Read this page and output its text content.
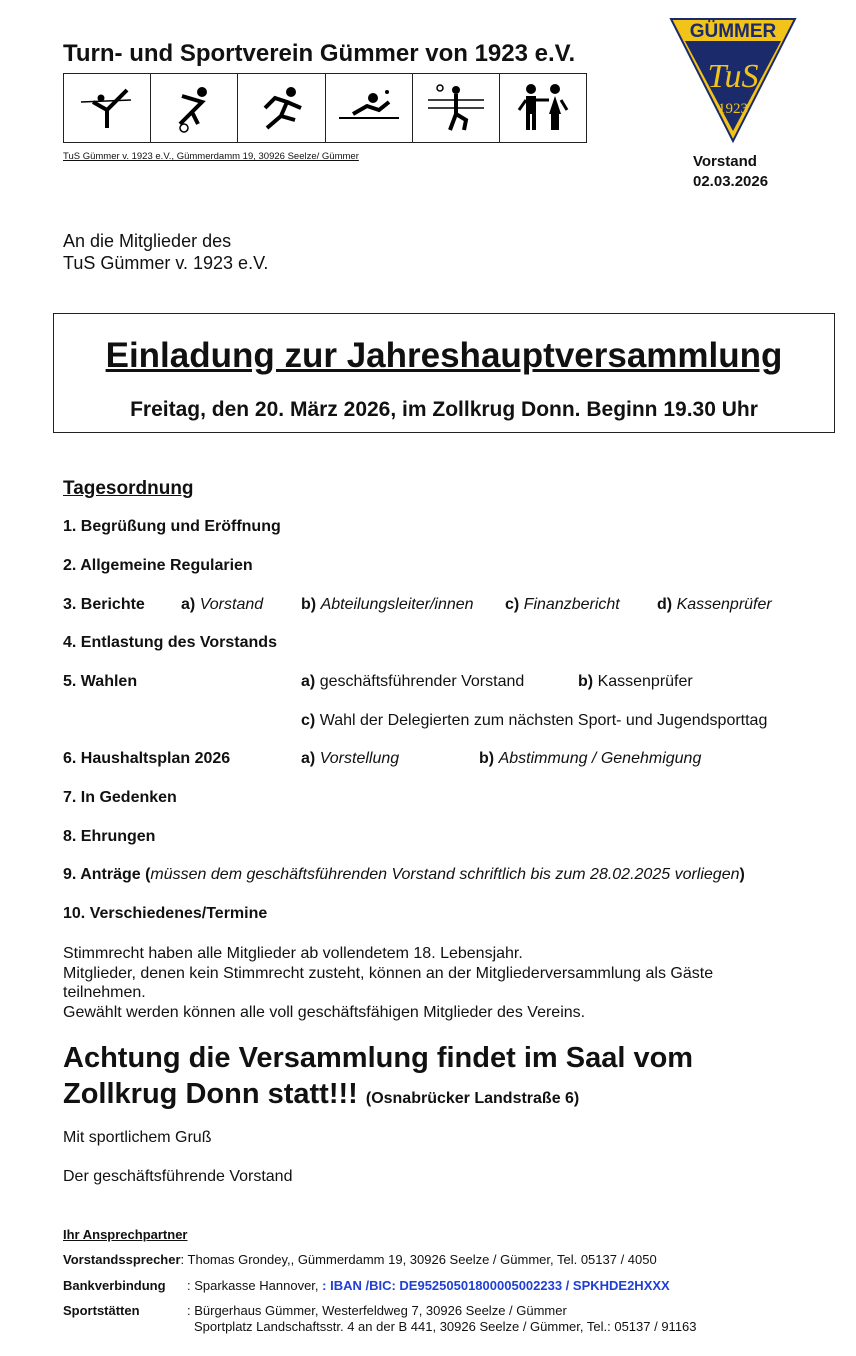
Turn- und Sportverein Gümmer von 1923 e.V.
TuS Gümmer v. 1923 e.V., Gümmerdamm 19, 30926 Seelze/ Gümmer
GÜMMER
TuS
1923
Vorstand
02.03.2026
An die Mitglieder des
TuS Gümmer v. 1923 e.V.
Einladung zur Jahreshauptversammlung
Freitag, den 20. März 2026, im Zollkrug Donn. Beginn 19.30 Uhr
Tagesordnung
1. Begrüßung und Eröffnung
2. Allgemeine Regularien
3. Berichte a) Vorstand b) Abteilungsleiter/innen c) Finanzbericht d) Kassenprüfer
4. Entlastung des Vorstands
5. Wahlen	a) geschäftsführender Vorstand	b) Kassenprüfer
c) Wahl der Delegierten zum nächsten Sport- und Jugendsporttag
6. Haushaltsplan 2026	a) Vorstellung	b) Abstimmung / Genehmigung
7. In Gedenken
8. Ehrungen
9. Anträge (müssen dem geschäftsführenden Vorstand schriftlich bis zum 28.02.2025 vorliegen)
10. Verschiedenes/Termine
Stimmrecht haben alle Mitglieder ab vollendetem 18. Lebensjahr.
Mitglieder, denen kein Stimmrecht zusteht, können an der Mitgliederversammlung als Gäste teilnehmen.
Gewählt werden können alle voll geschäftsfähigen Mitglieder des Vereins.
Achtung die Versammlung findet im Saal vom
Zollkrug Donn statt!!! (Osnabrücker Landstraße 6)
Mit sportlichem Gruß
Der geschäftsführende Vorstand
Ihr Ansprechpartner
Vorstandssprecher: Thomas Grondey,, Gümmerdamm 19, 30926 Seelze / Gümmer, Tel. 05137 / 4050
Bankverbindung : Sparkasse Hannover, : IBAN /BIC: DE95250501800005002233 / SPKHDE2HXXX
Sportstätten	: Bürgerhaus Gümmer, Westerfeldweg 7, 30926 Seelze / Gümmer
Sportplatz Landschaftsstr. 4 an der B 441, 30926 Seelze / Gümmer, Tel.: 05137 / 91163
